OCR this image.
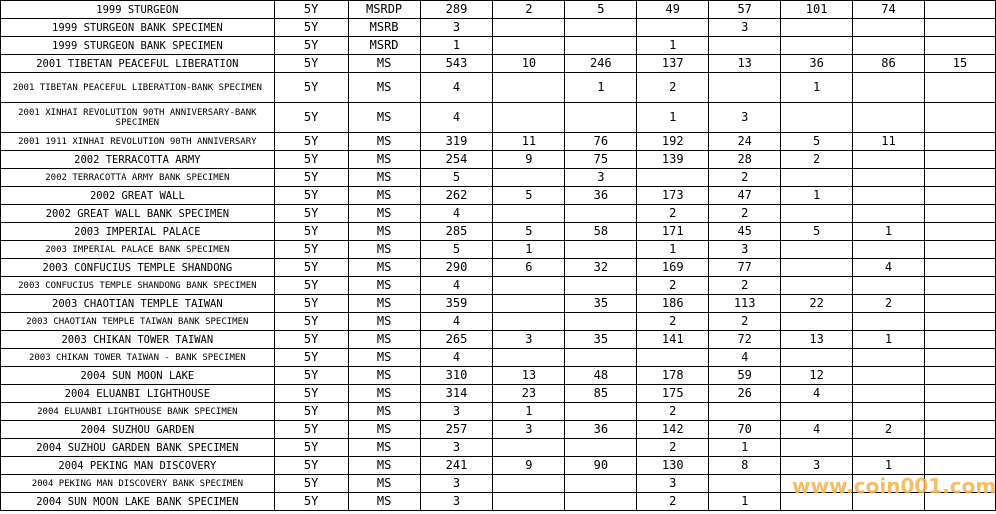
1999 STURGEON	5Y	MSRDP	289	2	5	49	57	101	74	
1999 STURGEON BANK SPECIMEN	5Y	MSRB	3				3			
1999 STURGEON BANK SPECIMEN	5Y	MSRD	1			1				
2001 TIBETAN PEACEFUL LIBERATION	5Y	MS	543	10	246	137	13	36	86	15
2001 TIBETAN PEACEFUL LIBERATION-BANK SPECIMEN	5Y	MS	4		1	2		1		
2001 XINHAI REVOLUTION 90TH ANNIVERSARY-BANK SPECIMEN	5Y	MS	4			1	3			
2001 1911 XINHAI REVOLUTION 90TH ANNIVERSARY	5Y	MS	319	11	76	192	24	5	11	
2002 TERRACOTTA ARMY	5Y	MS	254	9	75	139	28	2		
2002 TERRACOTTA ARMY BANK SPECIMEN	5Y	MS	5		3		2			
2002 GREAT WALL	5Y	MS	262	5	36	173	47	1		
2002 GREAT WALL BANK SPECIMEN	5Y	MS	4			2	2			
2003 IMPERIAL PALACE	5Y	MS	285	5	58	171	45	5	1	
2003 IMPERIAL PALACE BANK SPECIMEN	5Y	MS	5	1		1	3			
2003 CONFUCIUS TEMPLE SHANDONG	5Y	MS	290	6	32	169	77		4	
2003 CONFUCIUS TEMPLE SHANDONG BANK SPECIMEN	5Y	MS	4			2	2			
2003 CHAOTIAN TEMPLE TAIWAN	5Y	MS	359		35	186	113	22	2	
2003 CHAOTIAN TEMPLE TAIWAN BANK SPECIMEN	5Y	MS	4			2	2			
2003 CHIKAN TOWER TAIWAN	5Y	MS	265	3	35	141	72	13	1	
2003 CHIKAN TOWER TAIWAN - BANK SPECIMEN	5Y	MS	4				4			
2004 SUN MOON LAKE	5Y	MS	310	13	48	178	59	12		
2004 ELUANBI LIGHTHOUSE	5Y	MS	314	23	85	175	26	4		
2004 ELUANBI LIGHTHOUSE BANK SPECIMEN	5Y	MS	3	1		2				
2004 SUZHOU GARDEN	5Y	MS	257	3	36	142	70	4	2	
2004 SUZHOU GARDEN BANK SPECIMEN	5Y	MS	3			2	1			
2004 PEKING MAN DISCOVERY	5Y	MS	241	9	90	130	8	3	1	
2004 PEKING MAN DISCOVERY BANK SPECIMEN	5Y	MS	3			3				
2004 SUN MOON LAKE BANK SPECIMEN	5Y	MS	3			2	1			
www.coin001.com
